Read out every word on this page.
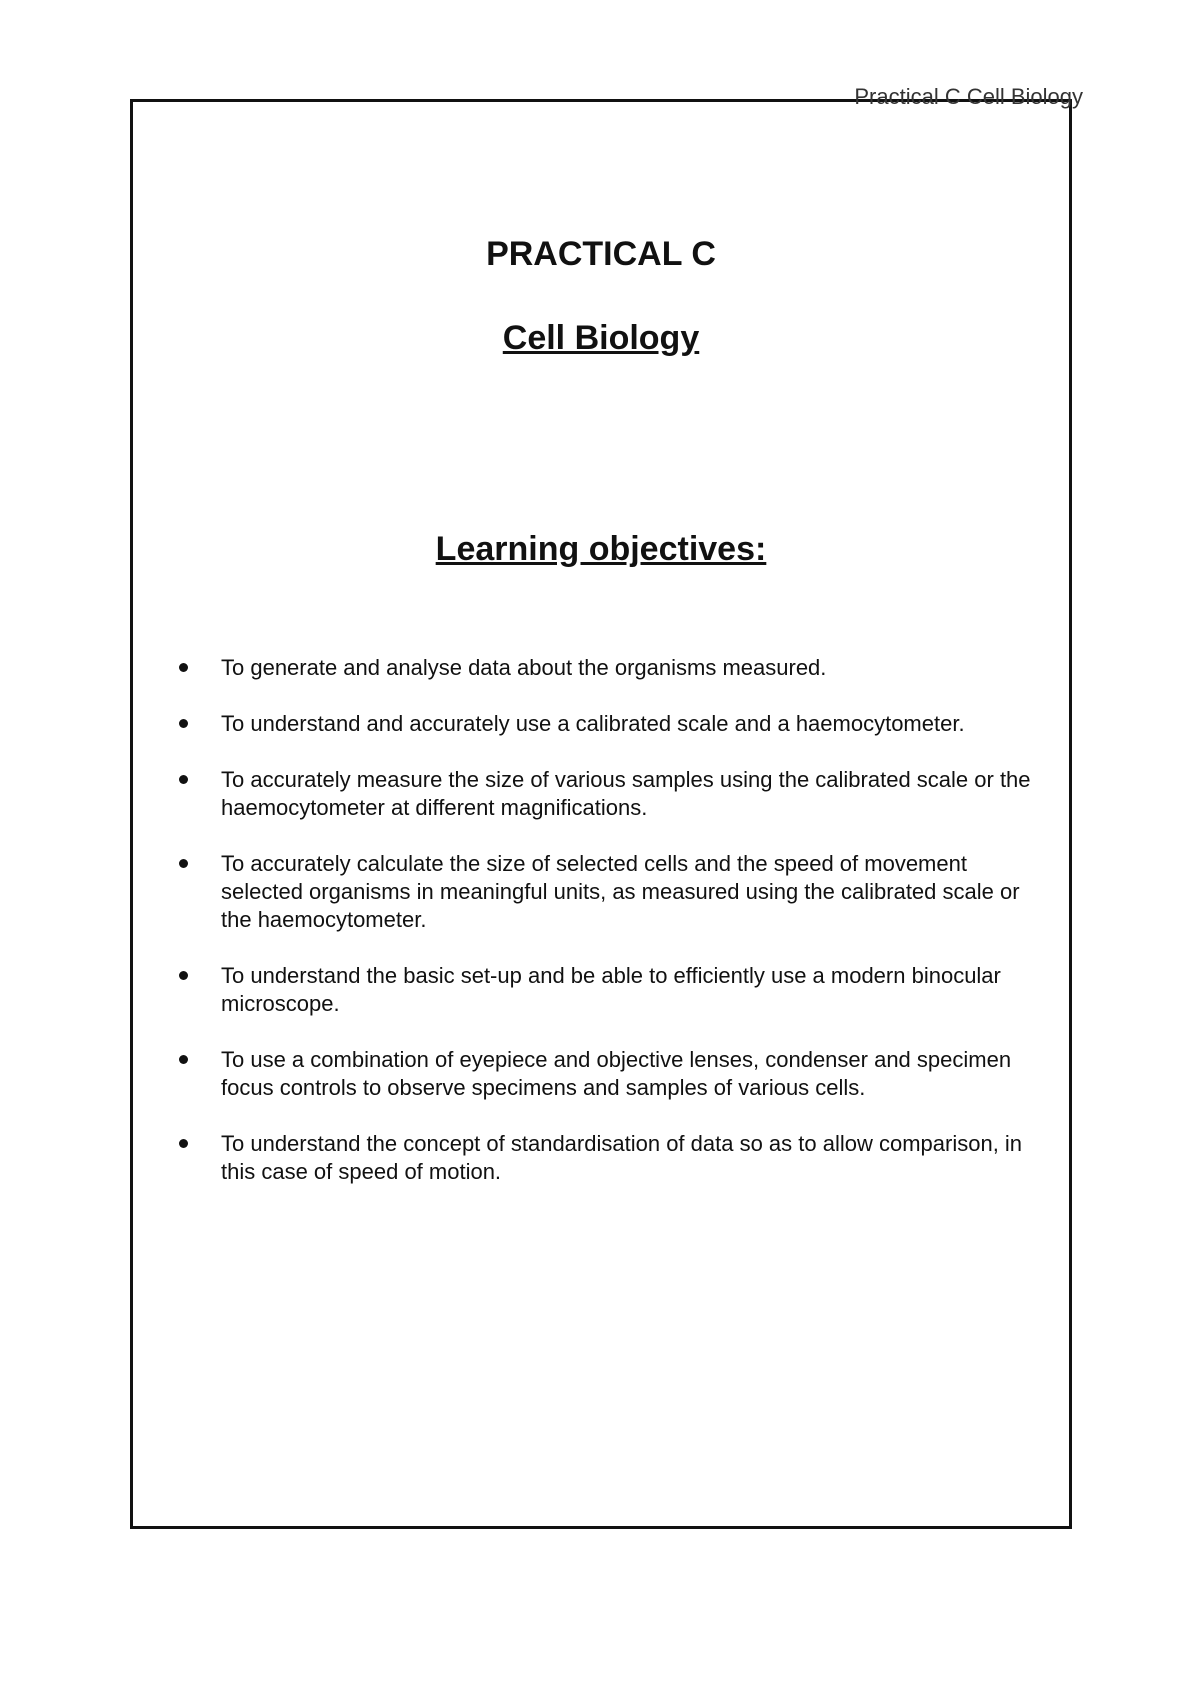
Practical C Cell Biology
PRACTICAL C
Cell Biology
Learning objectives:
To generate and analyse data about the organisms measured.
To understand and accurately use a calibrated scale and a haemocytometer.
To accurately measure the size of various samples using the calibrated scale or the haemocytometer at different magnifications.
To accurately calculate the size of selected cells and the speed of movement selected organisms in meaningful units, as measured using the calibrated scale or the haemocytometer.
To understand the basic set-up and be able to efficiently use a modern binocular microscope.
To use a combination of eyepiece and objective lenses, condenser and specimen focus controls to observe specimens and samples of various cells.
To understand the concept of standardisation of data so as to allow comparison, in this case of speed of motion.
